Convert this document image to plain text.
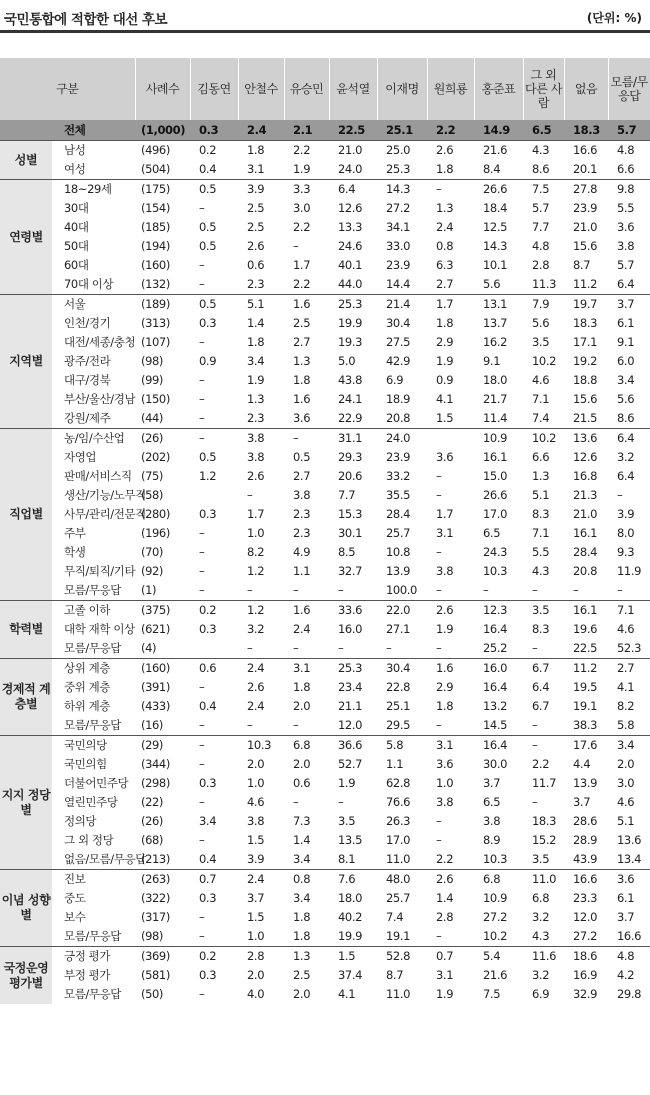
국민통합에 적합한 대선 후보	(단위: %)
구분		사례수	김동연	안철수	유승민	윤석열	이재명	원희룡	홍준표	그 외 다른 사람	없음	모름/무응답
	전체	(1,000)	0.3	2.4	2.1	22.5	25.1	2.2	14.9	6.5	18.3	5.7
성별	남성	(496)	0.2	1.8	2.2	21.0	25.0	2.6	21.6	4.3	16.6	4.8
	여성	(504)	0.4	3.1	1.9	24.0	25.3	1.8	8.4	8.6	20.1	6.6
연령별	18~29세	(175)	0.5	3.9	3.3	6.4	14.3	–	26.6	7.5	27.8	9.8
	30대	(154)	–	2.5	3.0	12.6	27.2	1.3	18.4	5.7	23.9	5.5
	40대	(185)	0.5	2.5	2.2	13.3	34.1	2.4	12.5	7.7	21.0	3.6
	50대	(194)	0.5	2.6	–	24.6	33.0	0.8	14.3	4.8	15.6	3.8
	60대	(160)	–	0.6	1.7	40.1	23.9	6.3	10.1	2.8	8.7	5.7
	70대 이상	(132)	–	2.3	2.2	44.0	14.4	2.7	5.6	11.3	11.2	6.4
지역별	서울	(189)	0.5	5.1	1.6	25.3	21.4	1.7	13.1	7.9	19.7	3.7
	인천/경기	(313)	0.3	1.4	2.5	19.9	30.4	1.8	13.7	5.6	18.3	6.1
	대전/세종/충청	(107)	–	1.8	2.7	19.3	27.5	2.9	16.2	3.5	17.1	9.1
	광주/전라	(98)	0.9	3.4	1.3	5.0	42.9	1.9	9.1	10.2	19.2	6.0
	대구/경북	(99)	–	1.9	1.8	43.8	6.9	0.9	18.0	4.6	18.8	3.4
	부산/울산/경남	(150)	–	1.3	1.6	24.1	18.9	4.1	21.7	7.1	15.6	5.6
	강원/제주	(44)	–	2.3	3.6	22.9	20.8	1.5	11.4	7.4	21.5	8.6
직업별	농/임/수산업	(26)	–	3.8	–	31.1	24.0		10.9	10.2	13.6	6.4
	자영업	(202)	0.5	3.8	0.5	29.3	23.9	3.6	16.1	6.6	12.6	3.2
	판매/서비스직	(75)	1.2	2.6	2.7	20.6	33.2	–	15.0	1.3	16.8	6.4
	생산/기능/노무직	(58)		–	3.8	7.7	35.5	–	26.6	5.1	21.3	–
	사무/관리/전문직	(280)	0.3	1.7	2.3	15.3	28.4	1.7	17.0	8.3	21.0	3.9
	주부	(196)	–	1.0	2.3	30.1	25.7	3.1	6.5	7.1	16.1	8.0
	학생	(70)	–	8.2	4.9	8.5	10.8	–	24.3	5.5	28.4	9.3
	무직/퇴직/기타	(92)	–	1.2	1.1	32.7	13.9	3.8	10.3	4.3	20.8	11.9
	모름/무응답	(1)	–	–	–	–	100.0	–	–	–	–	–
학력별	고졸 이하	(375)	0.2	1.2	1.6	33.6	22.0	2.6	12.3	3.5	16.1	7.1
	대학 재학 이상	(621)	0.3	3.2	2.4	16.0	27.1	1.9	16.4	8.3	19.6	4.6
	모름/무응답	(4)		–	–	–	–	–	25.2	–	22.5	52.3
경제적 계층별	상위 계층	(160)	0.6	2.4	3.1	25.3	30.4	1.6	16.0	6.7	11.2	2.7
	중위 계층	(391)	–	2.6	1.8	23.4	22.8	2.9	16.4	6.4	19.5	4.1
	하위 계층	(433)	0.4	2.4	2.0	21.1	25.1	1.8	13.2	6.7	19.1	8.2
	모름/무응답	(16)	–	–	–	12.0	29.5	–	14.5	–	38.3	5.8
지지 정당별	국민의당	(29)	–	10.3	6.8	36.6	5.8	3.1	16.4	–	17.6	3.4
	국민의힘	(344)	–	2.0	2.0	52.7	1.1	3.6	30.0	2.2	4.4	2.0
	더불어민주당	(298)	0.3	1.0	0.6	1.9	62.8	1.0	3.7	11.7	13.9	3.0
	열린민주당	(22)	–	4.6	–	–	76.6	3.8	6.5	–	3.7	4.6
	정의당	(26)	3.4	3.8	7.3	3.5	26.3	–	3.8	18.3	28.6	5.1
	그 외 정당	(68)	–	1.5	1.4	13.5	17.0	–	8.9	15.2	28.9	13.6
	없음/모름/무응답	(213)	0.4	3.9	3.4	8.1	11.0	2.2	10.3	3.5	43.9	13.4
이념 성향별	진보	(263)	0.7	2.4	0.8	7.6	48.0	2.6	6.8	11.0	16.6	3.6
	중도	(322)	0.3	3.7	3.4	18.0	25.7	1.4	10.9	6.8	23.3	6.1
	보수	(317)	–	1.5	1.8	40.2	7.4	2.8	27.2	3.2	12.0	3.7
	모름/무응답	(98)	–	1.0	1.8	19.9	19.1	–	10.2	4.3	27.2	16.6
국정운영 평가별	긍정 평가	(369)	0.2	2.8	1.3	1.5	52.8	0.7	5.4	11.6	18.6	4.8
	부정 평가	(581)	0.3	2.0	2.5	37.4	8.7	3.1	21.6	3.2	16.9	4.2
	모름/무응답	(50)	–	4.0	2.0	4.1	11.0	1.9	7.5	6.9	32.9	29.8
